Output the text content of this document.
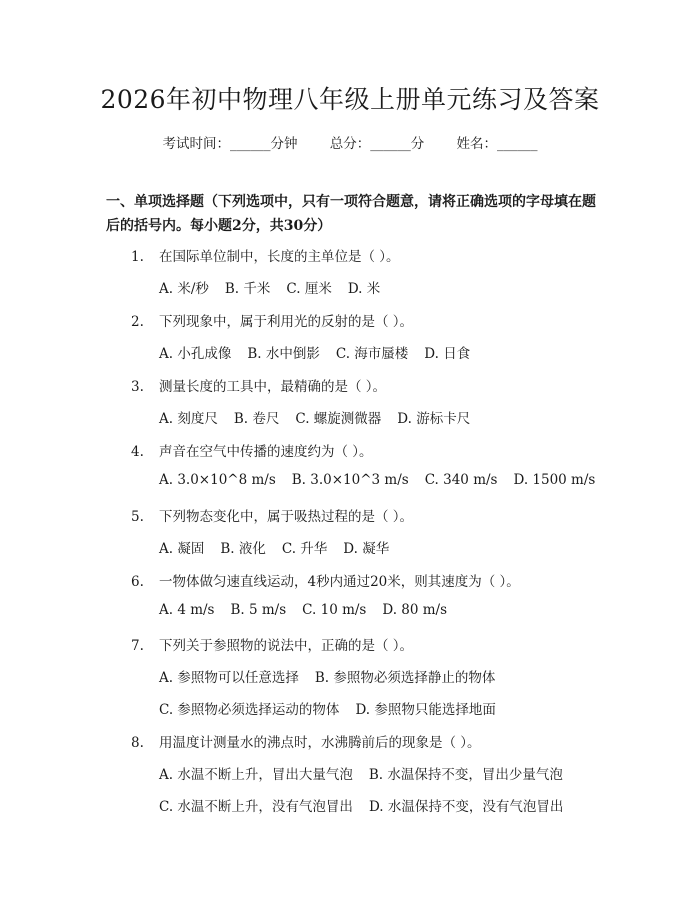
2026年初中物理八年级上册单元练习及答案
考试时间：______分钟 总分：______分 姓名：______
一、单项选择题（下列选项中，只有一项符合题意，请将正确选项的字母填在题后的括号内。每小题2分，共30分）
1. 在国际单位制中，长度的主单位是（ ）。
A. 米/秒 B. 千米 C. 厘米 D. 米
2. 下列现象中，属于利用光的反射的是（ ）。
A. 小孔成像 B. 水中倒影 C. 海市蜃楼 D. 日食
3. 测量长度的工具中，最精确的是（ ）。
A. 刻度尺 B. 卷尺 C. 螺旋测微器 D. 游标卡尺
4. 声音在空气中传播的速度约为（ ）。
A. 3.0×10^8 m/s B. 3.0×10^3 m/s C. 340 m/s D. 1500 m/s
5. 下列物态变化中，属于吸热过程的是（ ）。
A. 凝固 B. 液化 C. 升华 D. 凝华
6. 一物体做匀速直线运动，4秒内通过20米，则其速度为（ ）。
A. 4 m/s B. 5 m/s C. 10 m/s D. 80 m/s
7. 下列关于参照物的说法中，正确的是（ ）。
A. 参照物可以任意选择 B. 参照物必须选择静止的物体
C. 参照物必须选择运动的物体 D. 参照物只能选择地面
8. 用温度计测量水的沸点时，水沸腾前后的现象是（ ）。
A. 水温不断上升，冒出大量气泡 B. 水温保持不变，冒出少量气泡
C. 水温不断上升，没有气泡冒出 D. 水温保持不变，没有气泡冒出
